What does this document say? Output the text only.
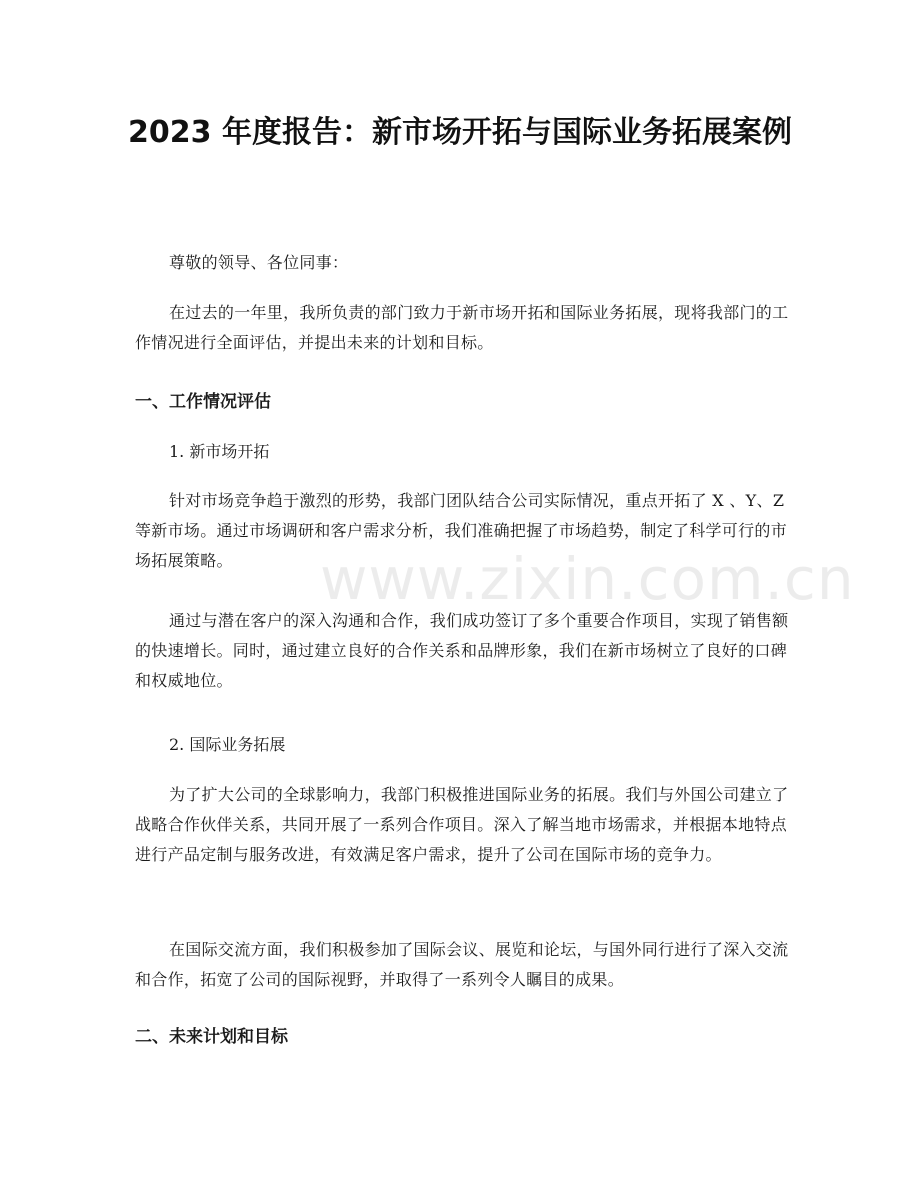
2023 年度报告：新市场开拓与国际业务拓展案例

尊敬的领导、各位同事：

在过去的一年里，我所负责的部门致力于新市场开拓和国际业务拓展，现将我部门的工作情况进行全面评估，并提出未来的计划和目标。

一、工作情况评估

1. 新市场开拓

针对市场竞争趋于激烈的形势，我部门团队结合公司实际情况，重点开拓了 X 、Y、Z 等新市场。通过市场调研和客户需求分析，我们准确把握了市场趋势，制定了科学可行的市场拓展策略。

通过与潜在客户的深入沟通和合作，我们成功签订了多个重要合作项目，实现了销售额的快速增长。同时，通过建立良好的合作关系和品牌形象，我们在新市场树立了良好的口碑和权威地位。

2. 国际业务拓展

为了扩大公司的全球影响力，我部门积极推进国际业务的拓展。我们与外国公司建立了战略合作伙伴关系，共同开展了一系列合作项目。深入了解当地市场需求，并根据本地特点进行产品定制与服务改进，有效满足客户需求，提升了公司在国际市场的竞争力。

在国际交流方面，我们积极参加了国际会议、展览和论坛，与国外同行进行了深入交流和合作，拓宽了公司的国际视野，并取得了一系列令人瞩目的成果。

二、未来计划和目标
www.zixin.com.cn
